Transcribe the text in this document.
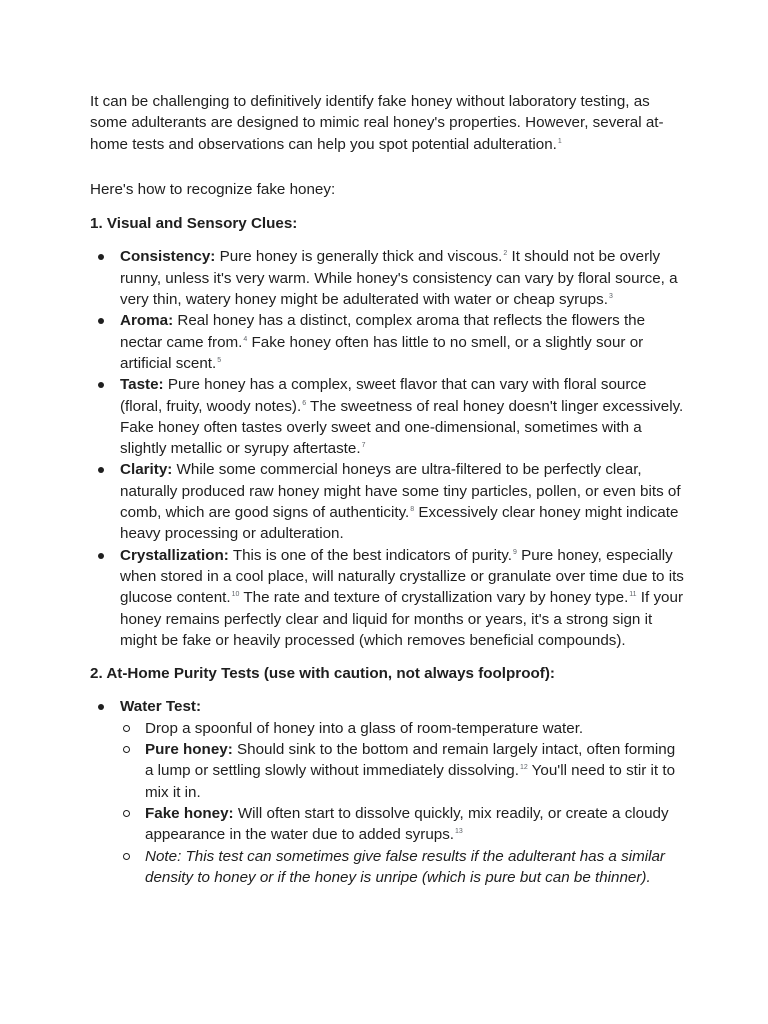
It can be challenging to definitively identify fake honey without laboratory testing, as some adulterants are designed to mimic real honey's properties. However, several at-home tests and observations can help you spot potential adulteration.$^1$

Here's how to recognize fake honey:

1. Visual and Sensory Clues:

Consistency: Pure honey is generally thick and viscous.$^2$ It should not be overly runny, unless it's very warm. While honey's consistency can vary by floral source, a very thin, watery honey might be adulterated with water or cheap syrups.$^3$
Aroma: Real honey has a distinct, complex aroma that reflects the flowers the nectar came from.$^4$ Fake honey often has little to no smell, or a slightly sour or artificial scent.$^5$
Taste: Pure honey has a complex, sweet flavor that can vary with floral source (floral, fruity, woody notes).$^6$ The sweetness of real honey doesn't linger excessively. Fake honey often tastes overly sweet and one-dimensional, sometimes with a slightly metallic or syrupy aftertaste.$^7$
Clarity: While some commercial honeys are ultra-filtered to be perfectly clear, naturally produced raw honey might have some tiny particles, pollen, or even bits of comb, which are good signs of authenticity.$^8$ Excessively clear honey might indicate heavy processing or adulteration.
Crystallization: This is one of the best indicators of purity.$^9$ Pure honey, especially when stored in a cool place, will naturally crystallize or granulate over time due to its glucose content.$^{10}$ The rate and texture of crystallization vary by honey type.$^{11}$ If your honey remains perfectly clear and liquid for months or years, it's a strong sign it might be fake or heavily processed (which removes beneficial compounds).

2. At-Home Purity Tests (use with caution, not always foolproof):

Water Test:
Drop a spoonful of honey into a glass of room-temperature water.
Pure honey: Should sink to the bottom and remain largely intact, often forming a lump or settling slowly without immediately dissolving.$^{12}$ You'll need to stir it to mix it in.
Fake honey: Will often start to dissolve quickly, mix readily, or create a cloudy appearance in the water due to added syrups.$^{13}$
Note: This test can sometimes give false results if the adulterant has a similar density to honey or if the honey is unripe (which is pure but can be thinner).
